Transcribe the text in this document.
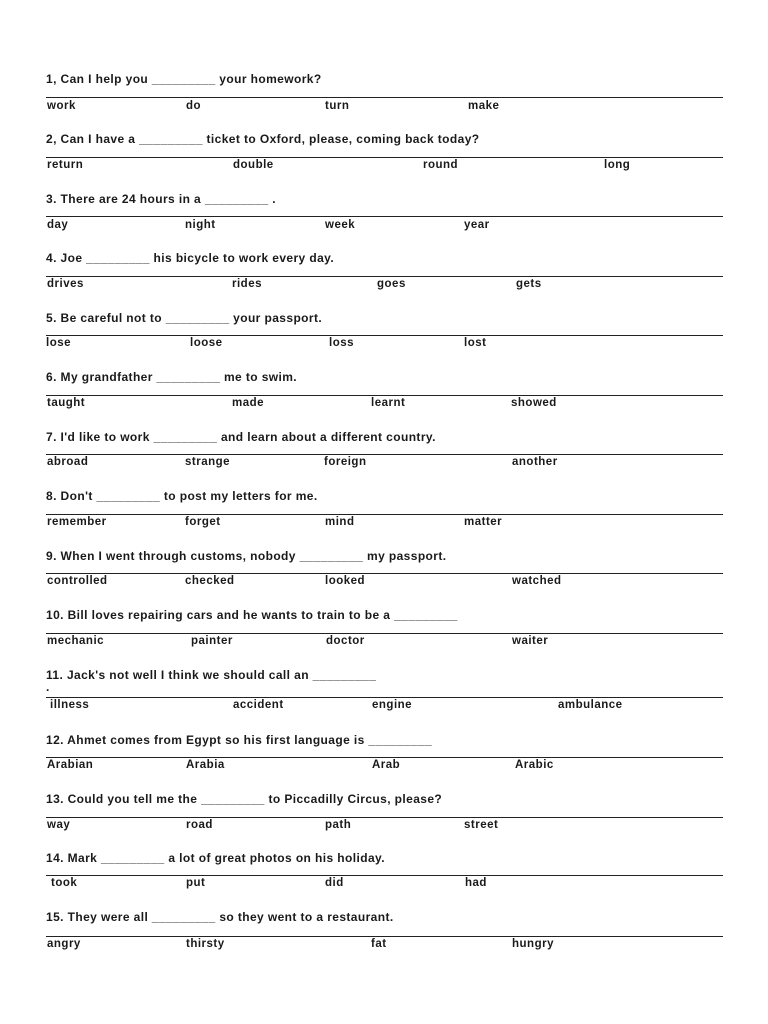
1, Can I help you _________ your homework?
work	do	turn	make
2, Can I have a _________ ticket to Oxford, please, coming back today?
return	double	round	long
3. There are 24 hours in a _________ .
day	night	week	year
4. Joe _________ his bicycle to work every day.
drives	rides	goes	gets
5. Be careful not to _________ your passport.
lose	loose	loss	lost
6. My grandfather _________ me to swim.
taught	made	learnt	showed
7. I'd like to work _________ and learn about a different country.
abroad	strange	foreign	another
8. Don't _________ to post my letters for me.
remember	forget	mind	matter
9. When I went through customs, nobody _________ my passport.
controlled	checked	looked	watched
10. Bill loves repairing cars and he wants to train to be a _________
mechanic	painter	doctor	waiter
11. Jack's not well I think we should call an _________
.
illness	accident	engine	ambulance
12. Ahmet comes from Egypt so his first language is _________
Arabian	Arabia	Arab	Arabic
13. Could you tell me the _________ to Piccadilly Circus, please?
way	road	path	street
14. Mark _________ a lot of great photos on his holiday.
took	put	did	had
15. They were all _________ so they went to a restaurant.
angry	thirsty	fat	hungry
